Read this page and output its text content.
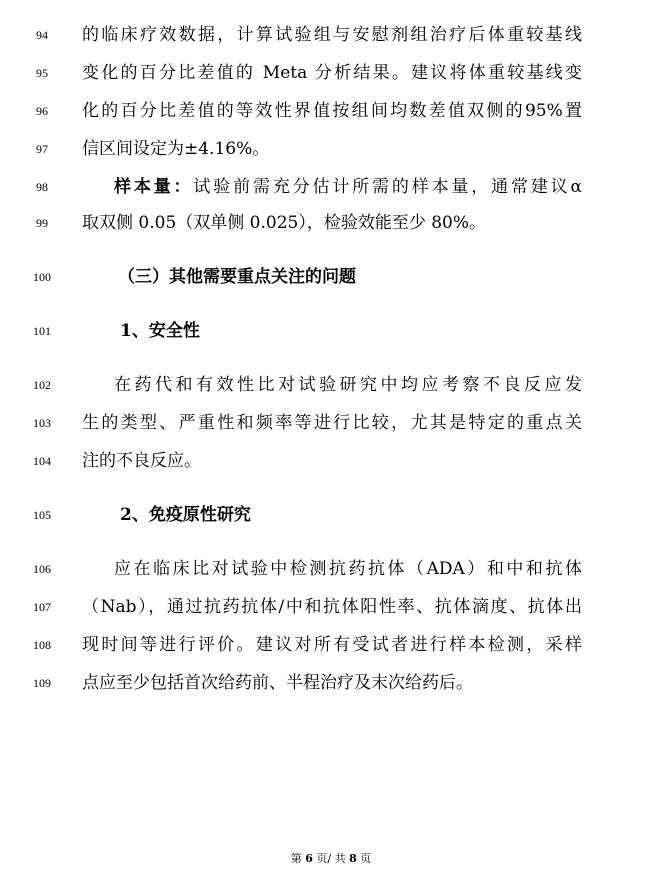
94	的临床疗效数据，计算试验组与安慰剂组治疗后体重较基线
95	变化的百分比差值的 Meta 分析结果。建议将体重较基线变
96	化的百分比差值的等效性界值按组间均数差值双侧的95%置
97	信区间设定为±4.16%。
98	样本量：试验前需充分估计所需的样本量，通常建议α
99	取双侧 0.05（双单侧 0.025），检验效能至少 80%。
100	（三）其他需要重点关注的问题
101	1、安全性
102	在药代和有效性比对试验研究中均应考察不良反应发
103	生的类型、严重性和频率等进行比较，尤其是特定的重点关
104	注的不良反应。
105	2、免疫原性研究
106	应在临床比对试验中检测抗药抗体（ADA）和中和抗体
107	（Nab），通过抗药抗体/中和抗体阳性率、抗体滴度、抗体出
108	现时间等进行评价。建议对所有受试者进行样本检测，采样
109	点应至少包括首次给药前、半程治疗及末次给药后。
第 6 页/ 共 8 页
